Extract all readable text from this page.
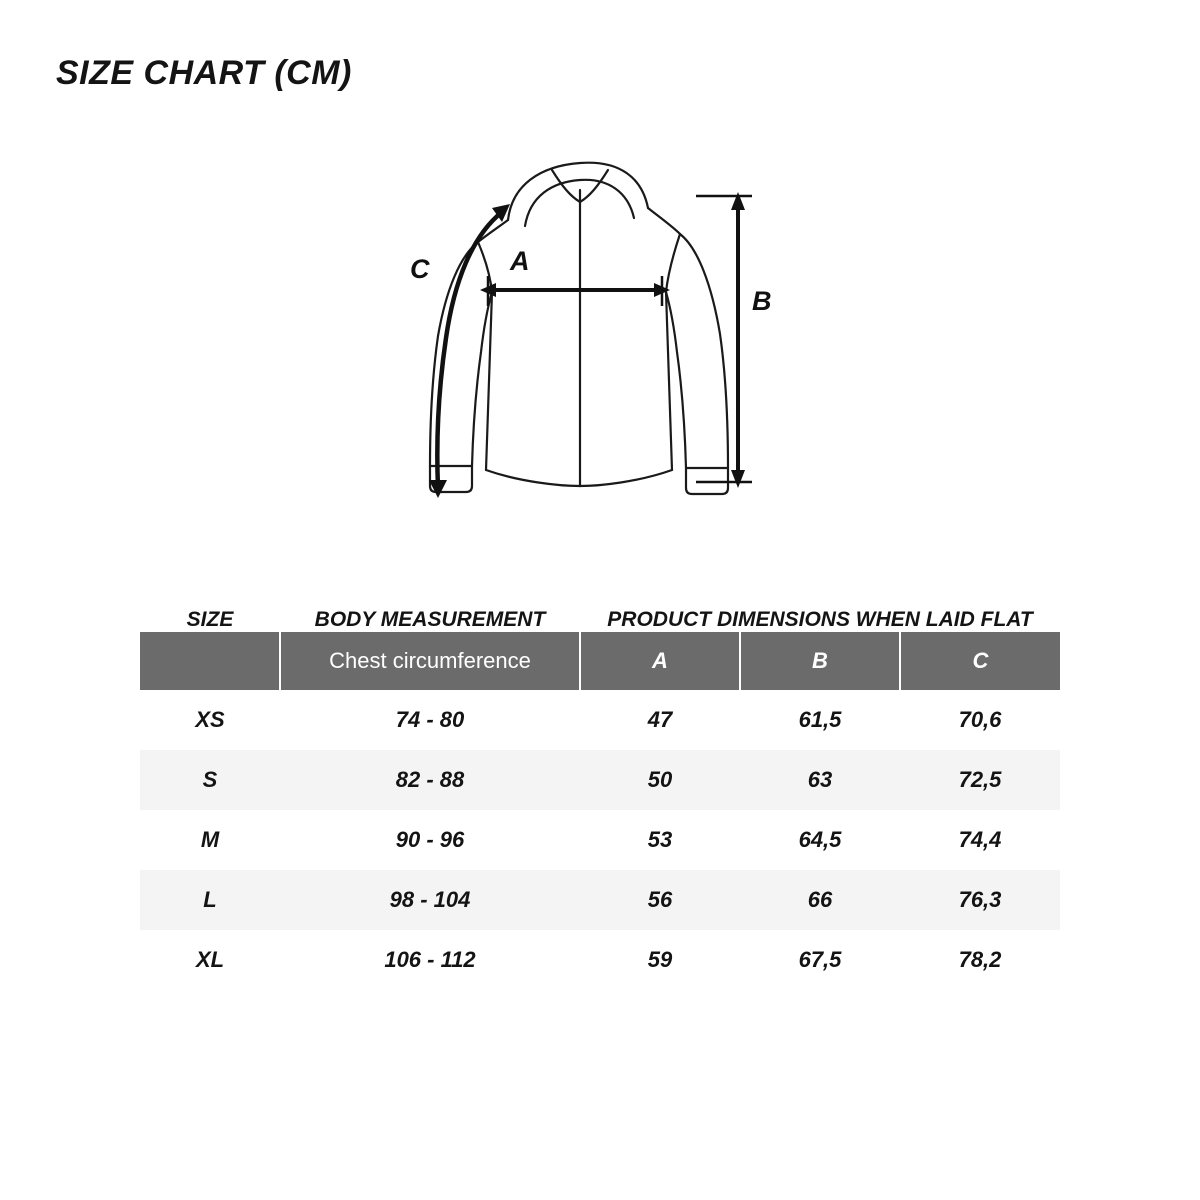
SIZE CHART (CM)
A
B
C
SIZE	BODY MEASUREMENT	PRODUCT DIMENSIONS WHEN LAID FLAT		
	Chest circumference	A	B	C
XS	74 - 80	47	61,5	70,6
S	82 - 88	50	63	72,5
M	90 - 96	53	64,5	74,4
L	98 - 104	56	66	76,3
XL	106 - 112	59	67,5	78,2
